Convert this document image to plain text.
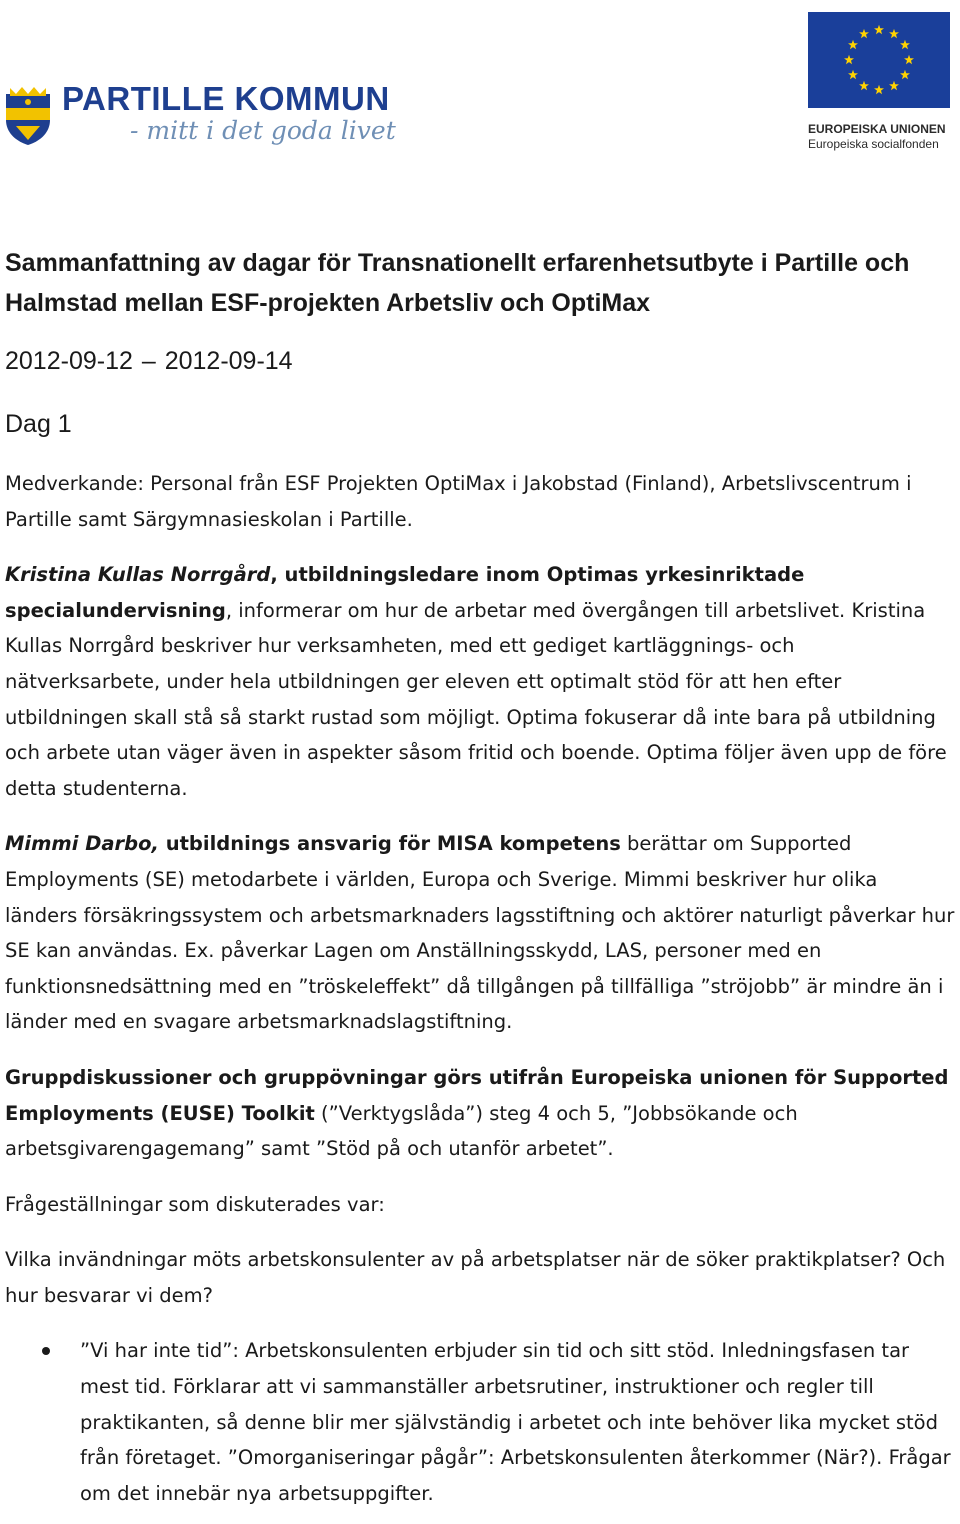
PARTILLE KOMMUN
- mitt i det goda livet	EUROPEISKA UNIONEN
Europeiska socialfonden
Sammanfattning av dagar för Transnationellt erfarenhetsutbyte i Partille och Halmstad mellan ESF-projekten Arbetsliv och OptiMax
2012-09-12 – 2012-09-14
Dag 1

Medverkande: Personal från ESF Projekten OptiMax i Jakobstad (Finland), Arbetslivscentrum i Partille samt Särgymnasieskolan i Partille.

Kristina Kullas Norrgård, utbildningsledare inom Optimas yrkesinriktade specialundervisning, informerar om hur de arbetar med övergången till arbetslivet. Kristina Kullas Norrgård beskriver hur verksamheten, med ett gediget kartläggnings- och nätverksarbete, under hela utbildningen ger eleven ett optimalt stöd för att hen efter utbildningen skall stå så starkt rustad som möjligt. Optima fokuserar då inte bara på utbildning och arbete utan väger även in aspekter såsom fritid och boende. Optima följer även upp de före detta studenterna.

Mimmi Darbo, utbildnings ansvarig för MISA kompetens berättar om Supported Employments (SE) metodarbete i världen, Europa och Sverige. Mimmi beskriver hur olika länders försäkringssystem och arbetsmarknaders lagsstiftning och aktörer naturligt påverkar hur SE kan användas. Ex. påverkar Lagen om Anställningsskydd, LAS, personer med en funktionsnedsättning med en ”tröskeleffekt” då tillgången på tillfälliga ”ströjobb” är mindre än i länder med en svagare arbetsmarknadslagstiftning.

Gruppdiskussioner och gruppövningar görs utifrån Europeiska unionen för Supported Employments (EUSE) Toolkit (”Verktygslåda”) steg 4 och 5, ”Jobbsökande och arbetsgivarengagemang” samt ”Stöd på och utanför arbetet”.

Frågeställningar som diskuterades var:

Vilka invändningar möts arbetskonsulenter av på arbetsplatser när de söker praktikplatser? Och hur besvarar vi dem?

”Vi har inte tid”: Arbetskonsulenten erbjuder sin tid och sitt stöd. Inledningsfasen tar mest tid. Förklarar att vi sammanställer arbetsrutiner, instruktioner och regler till praktikanten, så denne blir mer självständig i arbetet och inte behöver lika mycket stöd från företaget. ”Omorganiseringar pågår”: Arbetskonsulenten återkommer (När?). Frågar om det innebär nya arbetsuppgifter.
